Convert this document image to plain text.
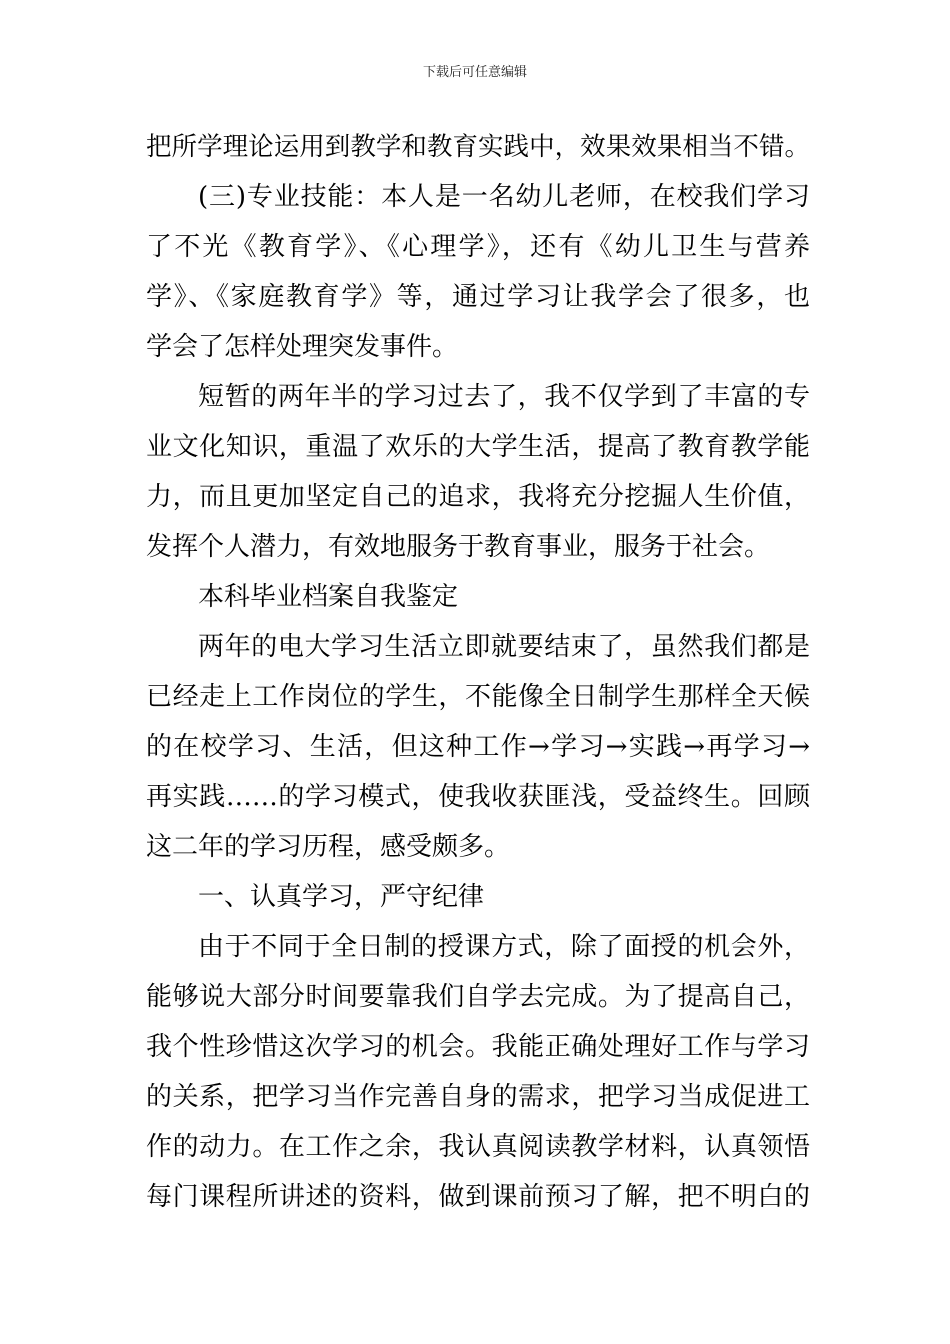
下载后可任意编辑
把所学理论运用到教学和教育实践中，效果效果相当不错。
(三)专业技能：本人是一名幼儿老师，在校我们学习
了不光《教育学》、《心理学》，还有《幼儿卫生与营养
学》、《家庭教育学》等，通过学习让我学会了很多，也
学会了怎样处理突发事件。
短暂的两年半的学习过去了，我不仅学到了丰富的专
业文化知识，重温了欢乐的大学生活，提高了教育教学能
力，而且更加坚定自己的追求，我将充分挖掘人生价值，
发挥个人潜力，有效地服务于教育事业，服务于社会。
本科毕业档案自我鉴定
两年的电大学习生活立即就要结束了，虽然我们都是
已经走上工作岗位的学生，不能像全日制学生那样全天候
的在校学习、生活，但这种工作→学习→实践→再学习→
再实践……的学习模式，使我收获匪浅，受益终生。回顾
这二年的学习历程，感受颇多。
一、认真学习，严守纪律
由于不同于全日制的授课方式，除了面授的机会外，
能够说大部分时间要靠我们自学去完成。为了提高自己，
我个性珍惜这次学习的机会。我能正确处理好工作与学习
的关系，把学习当作完善自身的需求，把学习当成促进工
作的动力。在工作之余，我认真阅读教学材料，认真领悟
每门课程所讲述的资料，做到课前预习了解，把不明白的
